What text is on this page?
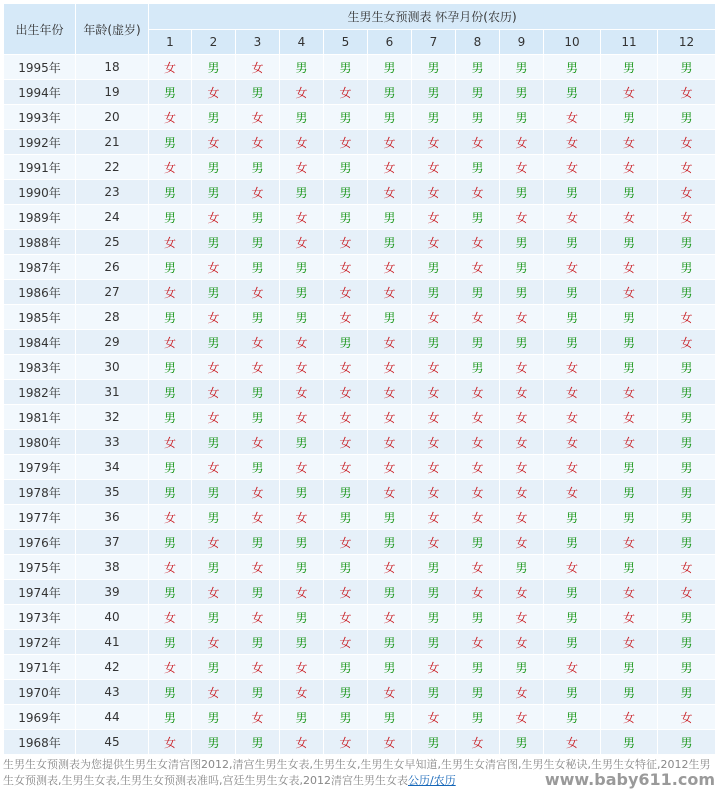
出生年份	年龄(虚岁)	生男生女预测表 怀孕月份(农历)											
		1	2	3	4	5	6	7	8	9	10	11	12
1995年	18	女	男	女	男	男	男	男	男	男	男	男	男
1994年	19	男	女	男	女	女	男	男	男	男	男	女	女
1993年	20	女	男	女	男	男	男	男	男	男	女	男	男
1992年	21	男	女	女	女	女	女	女	女	女	女	女	女
1991年	22	女	男	男	女	男	女	女	男	女	女	女	女
1990年	23	男	男	女	男	男	女	女	女	男	男	男	女
1989年	24	男	女	男	女	男	男	女	男	女	女	女	女
1988年	25	女	男	男	女	女	男	女	女	男	男	男	男
1987年	26	男	女	男	男	女	女	男	女	男	女	女	男
1986年	27	女	男	女	男	女	女	男	男	男	男	女	男
1985年	28	男	女	男	男	女	男	女	女	女	男	男	女
1984年	29	女	男	女	女	男	女	男	男	男	男	男	女
1983年	30	男	女	女	女	女	女	女	男	女	女	男	男
1982年	31	男	女	男	女	女	女	女	女	女	女	女	男
1981年	32	男	女	男	女	女	女	女	女	女	女	女	男
1980年	33	女	男	女	男	女	女	女	女	女	女	女	男
1979年	34	男	女	男	女	女	女	女	女	女	女	男	男
1978年	35	男	男	女	男	男	女	女	女	女	女	男	男
1977年	36	女	男	女	女	男	男	女	女	女	男	男	男
1976年	37	男	女	男	男	女	男	女	男	女	男	女	男
1975年	38	女	男	女	男	男	女	男	女	男	女	男	女
1974年	39	男	女	男	女	女	男	男	女	女	男	女	女
1973年	40	女	男	女	男	女	女	男	男	女	男	女	男
1972年	41	男	女	男	男	女	男	男	女	女	男	女	男
1971年	42	女	男	女	女	男	男	女	男	男	女	男	男
1970年	43	男	女	男	女	男	女	男	男	女	男	男	男
1969年	44	男	男	女	男	男	男	女	男	女	男	女	女
1968年	45	女	男	男	女	女	女	男	女	男	女	男	男
生男生女预测表为您提供生男生女清宫图2012,清宫生男生女表,生男生女,生男生女早知道,生男生女清宫图,生男生女秘诀,生男生女特征,2012生男生女预测表,生男生女表,生男生女预测表准吗,宫廷生男生女表,2012清宫生男生女表公历/农历	www.baby611.com
